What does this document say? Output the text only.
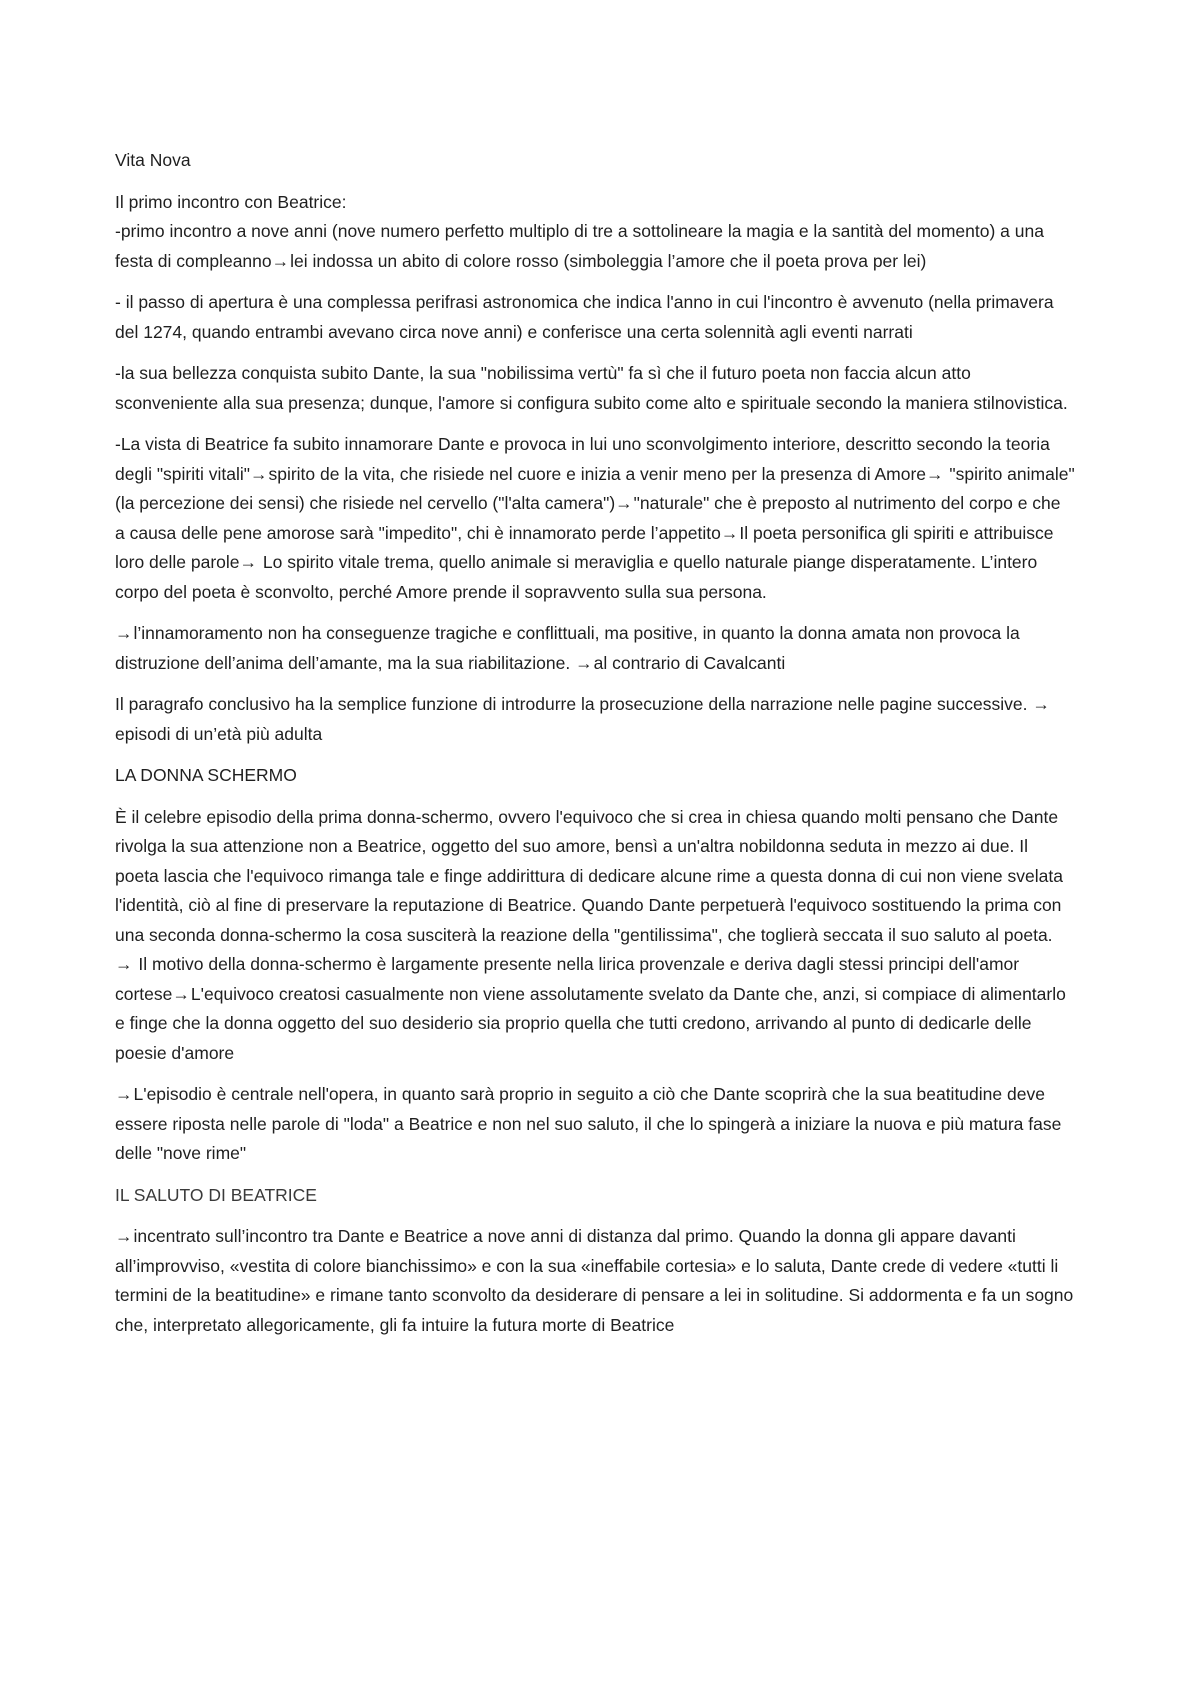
Vita Nova

Il primo incontro con Beatrice:

-primo incontro a nove anni (nove numero perfetto multiplo di tre a sottolineare la magia e la santità del momento) a una festa di compleanno→lei indossa un abito di colore rosso (simboleggia l’amore che il poeta prova per lei)

- il passo di apertura è una complessa perifrasi astronomica che indica l'anno in cui l'incontro è avvenuto (nella primavera del 1274, quando entrambi avevano circa nove anni) e conferisce una certa solennità agli eventi narrati

-la sua bellezza conquista subito Dante, la sua "nobilissima vertù" fa sì che il futuro poeta non faccia alcun atto sconveniente alla sua presenza; dunque, l'amore si configura subito come alto e spirituale secondo la maniera stilnovistica.

-La vista di Beatrice fa subito innamorare Dante e provoca in lui uno sconvolgimento interiore, descritto secondo la teoria degli "spiriti vitali"→spirito de la vita, che risiede nel cuore e inizia a venir meno per la presenza di Amore→ "spirito animale" (la percezione dei sensi) che risiede nel cervello ("l'alta camera")→"naturale" che è preposto al nutrimento del corpo e che a causa delle pene amorose sarà "impedito", chi è innamorato perde l’appetito→Il poeta personifica gli spiriti e attribuisce loro delle parole→ Lo spirito vitale trema, quello animale si meraviglia e quello naturale piange disperatamente. L’intero corpo del poeta è sconvolto, perché Amore prende il sopravvento sulla sua persona.

→l’innamoramento non ha conseguenze tragiche e conflittuali, ma positive, in quanto la donna amata non provoca la distruzione dell’anima dell’amante, ma la sua riabilitazione. →al contrario di Cavalcanti

Il paragrafo conclusivo ha la semplice funzione di introdurre la prosecuzione della narrazione nelle pagine successive. →episodi di un’età più adulta

LA DONNA SCHERMO

È il celebre episodio della prima donna-schermo, ovvero l'equivoco che si crea in chiesa quando molti pensano che Dante rivolga la sua attenzione non a Beatrice, oggetto del suo amore, bensì a un'altra nobildonna seduta in mezzo ai due. Il poeta lascia che l'equivoco rimanga tale e finge addirittura di dedicare alcune rime a questa donna di cui non viene svelata l'identità, ciò al fine di preservare la reputazione di Beatrice. Quando Dante perpetuerà l'equivoco sostituendo la prima con una seconda donna-schermo la cosa susciterà la reazione della "gentilissima", che toglierà seccata il suo saluto al poeta. → Il motivo della donna-schermo è largamente presente nella lirica provenzale e deriva dagli stessi principi dell'amor cortese→L'equivoco creatosi casualmente non viene assolutamente svelato da Dante che, anzi, si compiace di alimentarlo e finge che la donna oggetto del suo desiderio sia proprio quella che tutti credono, arrivando al punto di dedicarle delle poesie d'amore

→L'episodio è centrale nell'opera, in quanto sarà proprio in seguito a ciò che Dante scoprirà che la sua beatitudine deve essere riposta nelle parole di "loda" a Beatrice e non nel suo saluto, il che lo spingerà a iniziare la nuova e più matura fase delle "nove rime"

IL SALUTO DI BEATRICE

→incentrato sull’incontro tra Dante e Beatrice a nove anni di distanza dal primo. Quando la donna gli appare davanti all’improvviso, «vestita di colore bianchissimo» e con la sua «ineffabile cortesia» e lo saluta, Dante crede di vedere «tutti li termini de la beatitudine» e rimane tanto sconvolto da desiderare di pensare a lei in solitudine. Si addormenta e fa un sogno che, interpretato allegoricamente, gli fa intuire la futura morte di Beatrice
